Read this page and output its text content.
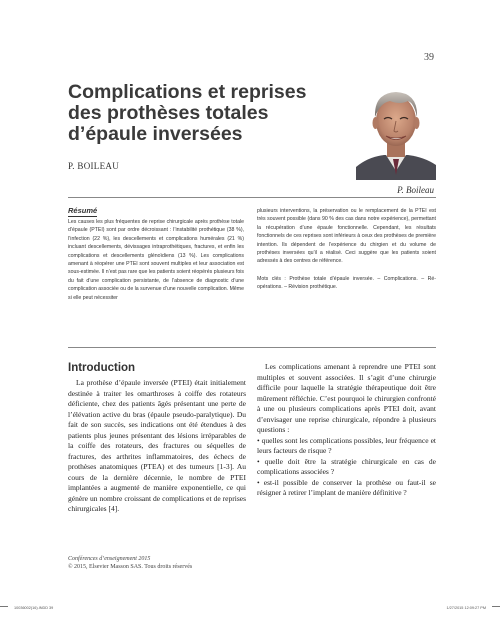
39
Complications et reprises des prothèses totales d’épaule inversées
P. BOILEAU
P. Boileau
Résumé

Les causes les plus fréquentes de reprise chirurgicale après prothèse totale d’épaule (PTEI) sont par ordre décroissant : l’instabilité prothétique (38 %), l’infection (22 %), les descellements et complications humérales (21 %) incluant descellements, dévissages intraprothétiques, fractures, et enfin les complications et descellements glénoïdiens (13 %). Les complications amenant à réopérer une PTEI sont souvent multiples et leur association est sous-estimée. Il n’est pas rare que les patients soient réopérés plusieurs fois du fait d’une complication persistante, de l’absence de diagnostic d’une complication associée ou de la survenue d’une nouvelle complication. Même si elle peut nécessiter

plusieurs interventions, la préservation ou le remplacement de la PTEI est très souvent possible (dans 90 % des cas dans notre expérience), permettant la récupération d’une épaule fonctionnelle. Cependant, les résultats fonctionnels de ces reprises sont inférieurs à ceux des prothèses de première intention. Ils dépendent de l’expérience du chirgien et du volume de prothèses inversées qu’il a réalisé. Ceci suggère que les patients soient adressés à des centres de référence.

Mots clés : Prothèse totale d’épaule inversée. – Complications. – Ré-opérations. – Révision prothétique.

Introduction

La prothèse d’épaule inversée (PTEI) était initialement destinée à traiter les omarthroses à coiffe des rotateurs déficiente, chez des patients âgés présentant une perte de l’élévation active du bras (épaule pseudo-paralytique). Du fait de son succès, ses indications ont été étendues à des patients plus jeunes présentant des lésions irréparables de la coiffe des rotateurs, des fractures ou séquelles de fractures, des arthrites inflammatoires, des échecs de prothèses anatomiques (PTEA) et des tumeurs [1-3]. Au cours de la dernière décennie, le nombre de PTEI implantées a augmenté de manière exponentielle, ce qui génère un nombre croissant de complications et de reprises chirurgicales [4].

Les complications amenant à reprendre une PTEI sont multiples et souvent associées. Il s’agit d’une chirurgie difficile pour laquelle la stratégie thérapeutique doit être mûrement réfléchie. C’est pourquoi le chirurgien confronté à une ou plusieurs complications après PTEI doit, avant d’envisager une reprise chirurgicale, répondre à plusieurs questions :

• quelles sont les complications possibles, leur fréquence et leurs facteurs de risque ?

• quelle doit être la stratégie chirurgicale en cas de complications associées ?

• est-il possible de conserver la prothèse ou faut-il se résigner à retirer l’implant de manière définitive ?

Conférences d’enseignement 2015
© 2015, Elsevier Masson SAS. Tous droits réservés
10036002(16).INDD 39	1/27/2015 12:09:27 PM
